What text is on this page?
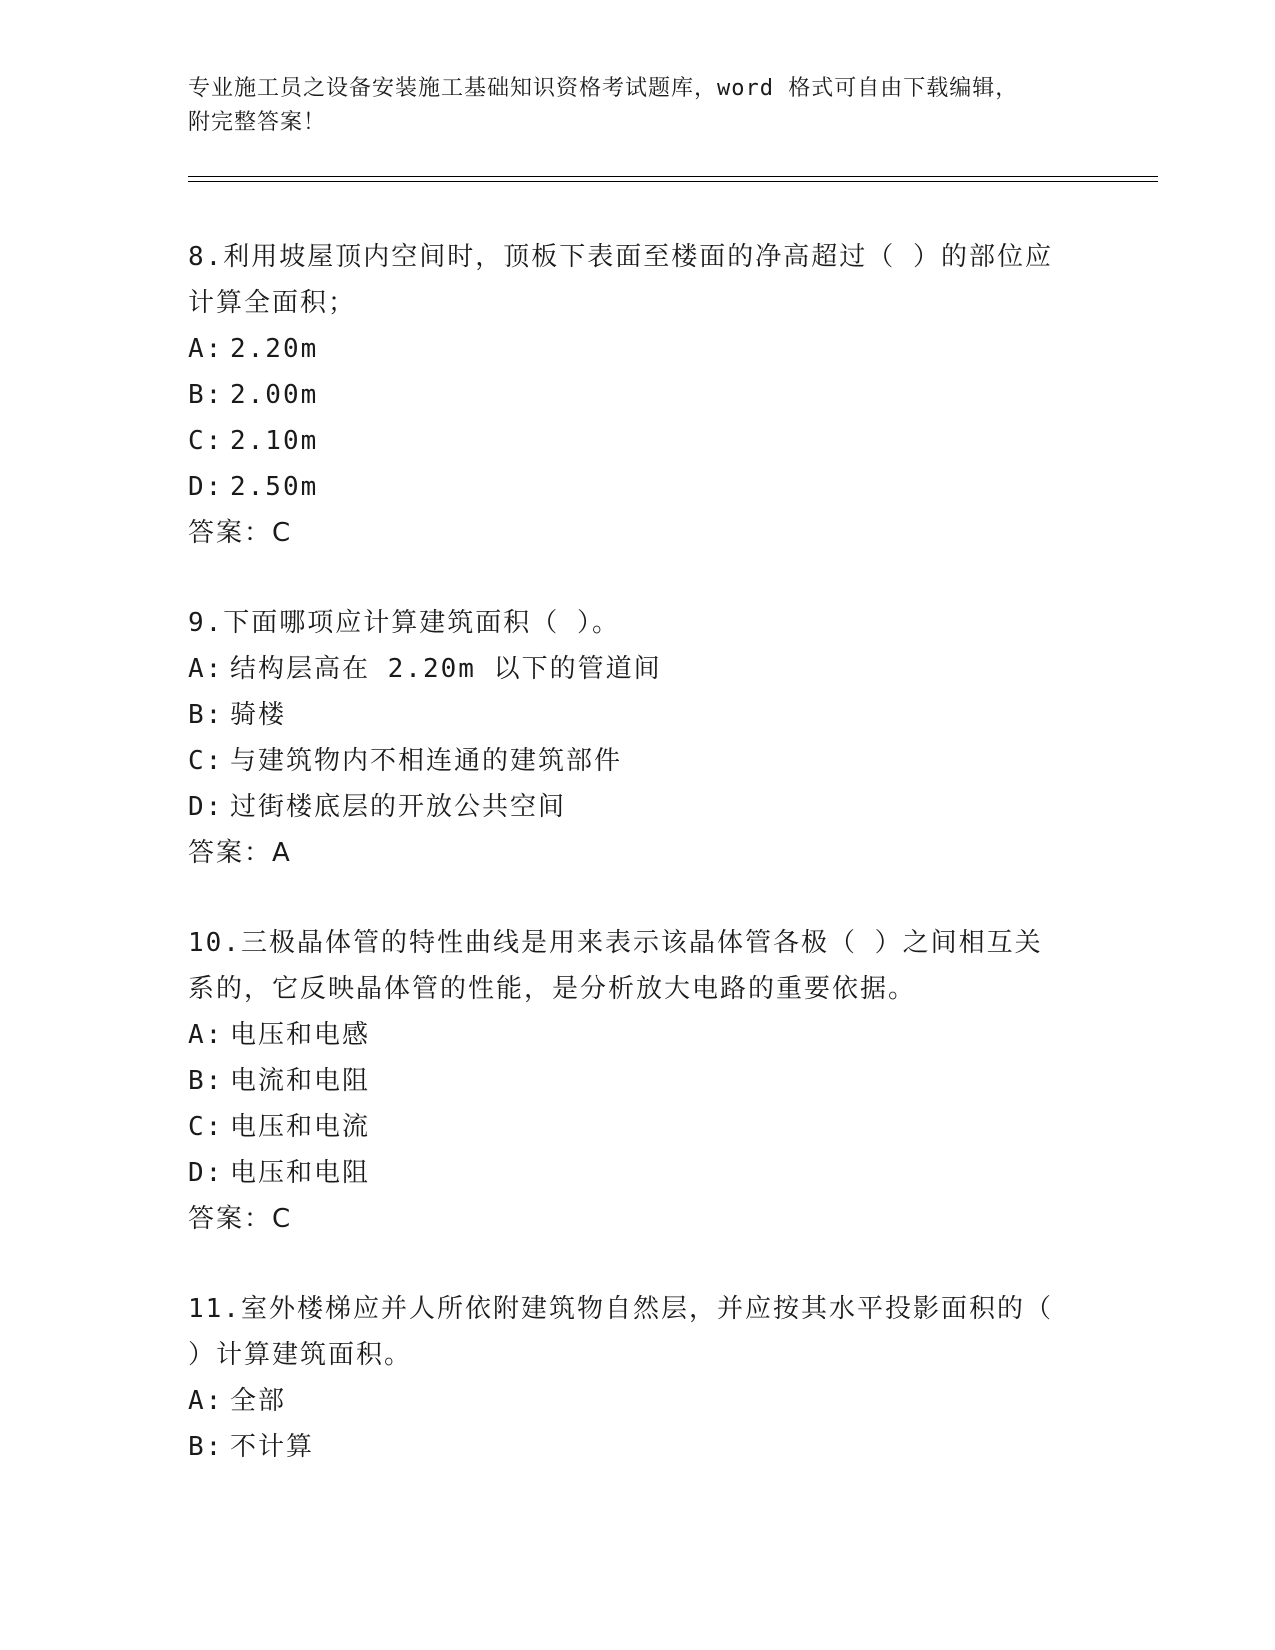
专业施工员之设备安装施工基础知识资格考试题库，word 格式可自由下载编辑，
附完整答案！

8.利用坡屋顶内空间时，顶板下表面至楼面的净高超过（ ）的部位应

计算全面积；

A: 2.20m

B: 2.00m

C: 2.10m

D: 2.50m

答案：C

9.下面哪项应计算建筑面积（ ）。

A: 结构层高在 2.20m 以下的管道间

B: 骑楼

C: 与建筑物内不相连通的建筑部件

D: 过街楼底层的开放公共空间

答案：A

10.三极晶体管的特性曲线是用来表示该晶体管各极（ ）之间相互关

系的，它反映晶体管的性能，是分析放大电路的重要依据。

A: 电压和电感

B: 电流和电阻

C: 电压和电流

D: 电压和电阻

答案：C

11.室外楼梯应并人所依附建筑物自然层，并应按其水平投影面积的（

）计算建筑面积。

A: 全部

B: 不计算
